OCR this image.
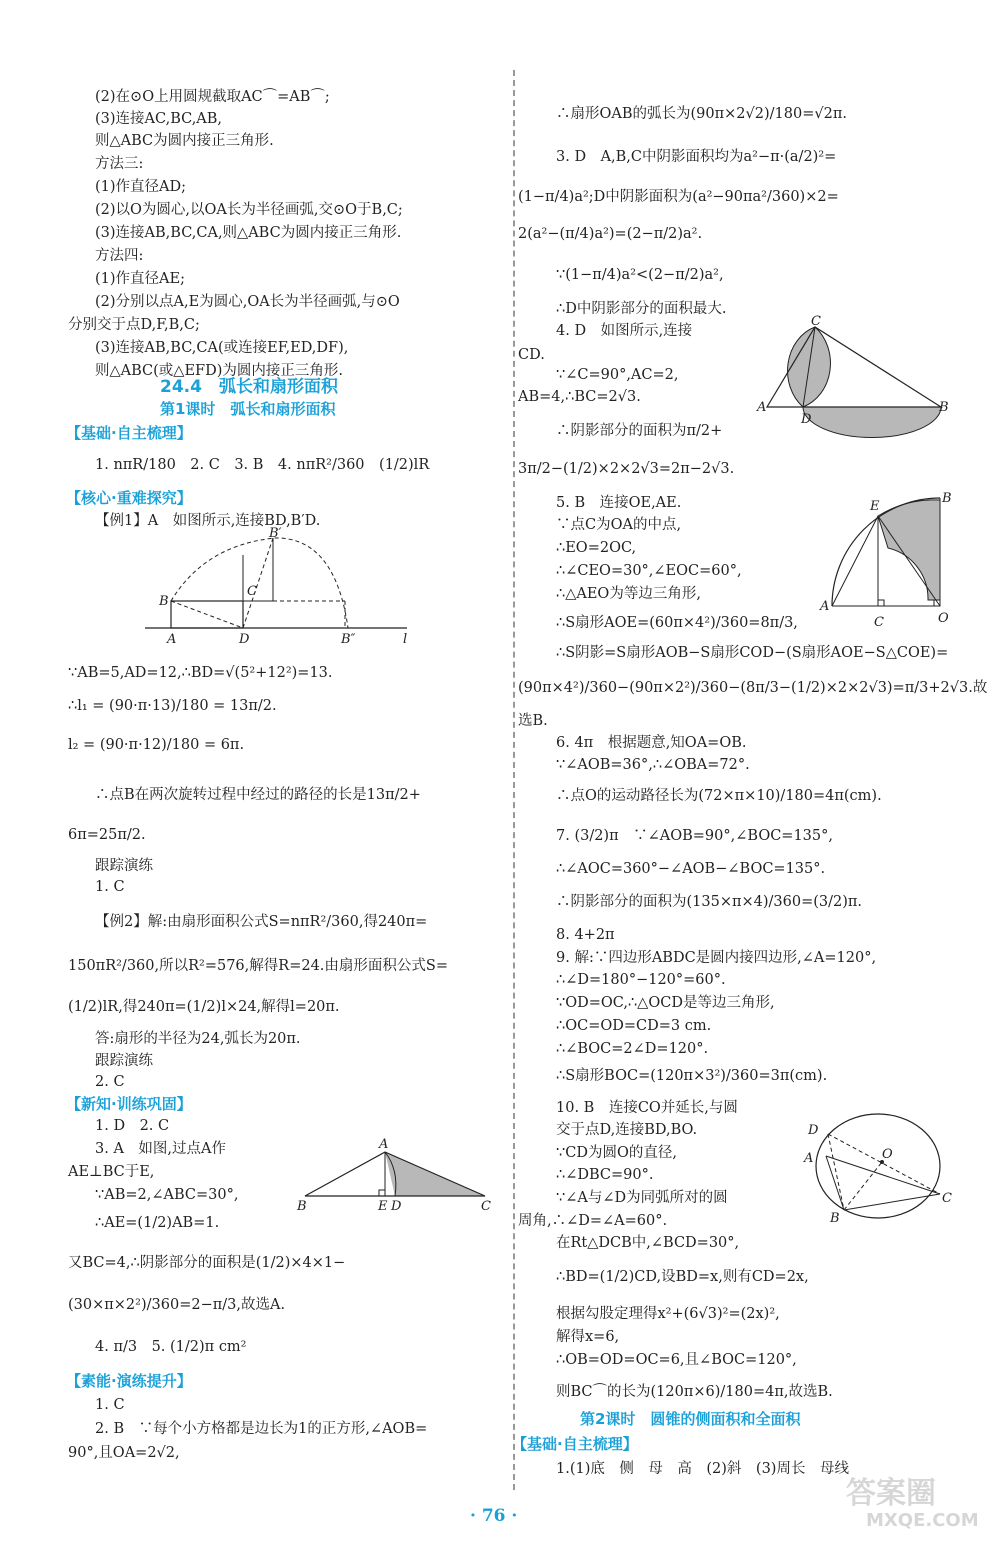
(2)在⊙O上用圆规截取AC⌒=AB⌒;
(3)连接AC,BC,AB,
则△ABC为圆内接正三角形.
方法三:
(1)作直径AD;
(2)以O为圆心,以OA长为半径画弧,交⊙O于B,C;
(3)连接AB,BC,CA,则△ABC为圆内接正三角形.
方法四:
(1)作直径AE;
(2)分别以点A,E为圆心,OA长为半径画弧,与⊙O
分别交于点D,F,B,C;
(3)连接AB,BC,CA(或连接EF,ED,DF),
则△ABC(或△EFD)为圆内接正三角形.
24.4　弧长和扇形面积
第1课时　弧长和扇形面积
【基础·自主梳理】
1. nπR/180　2. C　3. B　4. nπR²/360　(1/2)lR
【核心·重难探究】
【例1】A　如图所示,连接BD,B′D.
B
A	D
C
B′
B″	l
∵AB=5,AD=12,∴BD=√(5²+12²)=13.
∴l₁ = (90·π·13)/180 = 13π/2.
l₂ = (90·π·12)/180 = 6π.
∴点B在两次旋转过程中经过的路径的长是13π/2+
6π=25π/2.
跟踪演练
1. C
【例2】解:由扇形面积公式S=nπR²/360,得240π=
150πR²/360,所以R²=576,解得R=24.由扇形面积公式S=
(1/2)lR,得240π=(1/2)l×24,解得l=20π.
答:扇形的半径为24,弧长为20π.
跟踪演练
2. C
【新知·训练巩固】
1. D　2. C
3. A　如图,过点A作
AE⊥BC于E,
∵AB=2,∠ABC=30°,
∴AE=(1/2)AB=1.
A
B	E D	C
又BC=4,∴阴影部分的面积是(1/2)×4×1−
(30×π×2²)/360=2−π/3,故选A.
4. π/3　5. (1/2)π cm²
【素能·演练提升】
1. C
2. B　∵每个小方格都是边长为1的正方形,∠AOB=
90°,且OA=2√2,
∴扇形OAB的弧长为(90π×2√2)/180=√2π.
3. D　A,B,C中阴影面积均为a²−π·(a/2)²=
(1−π/4)a²;D中阴影面积为(a²−90πa²/360)×2=
2(a²−(π/4)a²)=(2−π/2)a².
∵(1−π/4)a²<(2−π/2)a²,
∴D中阴影部分的面积最大.
4. D　如图所示,连接
CD.
∵∠C=90°,AC=2,
AB=4,∴BC=2√3.
∴阴影部分的面积为π/2+
3π/2−(1/2)×2×2√3=2π−2√3.
C
A
D
B
5. B　连接OE,AE.
∵点C为OA的中点,
∴EO=2OC,
∴∠CEO=30°,∠EOC=60°,
∴△AEO为等边三角形,
∴S扇形AOE=(60π×4²)/360=8π/3,
E
B
A
C	O
∴S阴影=S扇形AOB−S扇形COD−(S扇形AOE−S△COE)=
(90π×4²)/360−(90π×2²)/360−(8π/3−(1/2)×2×2√3)=π/3+2√3.故
选B.
6. 4π　根据题意,知OA=OB.
∵∠AOB=36°,∴∠OBA=72°.
∴点O的运动路径长为(72×π×10)/180=4π(cm).
7. (3/2)π　∵∠AOB=90°,∠BOC=135°,
∴∠AOC=360°−∠AOB−∠BOC=135°.
∴阴影部分的面积为(135×π×4)/360=(3/2)π.
8. 4+2π
9. 解:∵四边形ABDC是圆内接四边形,∠A=120°,
∴∠D=180°−120°=60°.
∵OD=OC,∴△OCD是等边三角形,
∴OC=OD=CD=3 cm.
∴∠BOC=2∠D=120°.
∴S扇形BOC=(120π×3²)/360=3π(cm).
10. B　连接CO并延长,与圆
交于点D,连接BD,BO.
∵CD为圆O的直径,
∴∠DBC=90°.
∵∠A与∠D为同弧所对的圆
周角,∴∠D=∠A=60°.
在Rt△DCB中,∠BCD=30°,
D
A	O
B
C
∴BD=(1/2)CD,设BD=x,则有CD=2x,
根据勾股定理得x²+(6√3)²=(2x)²,
解得x=6,
∴OB=OD=OC=6,且∠BOC=120°,
则BC⌒的长为(120π×6)/180=4π,故选B.
第2课时　圆锥的侧面积和全面积
【基础·自主梳理】
1.(1)底　侧　母　高　(2)斜　(3)周长　母线
· 76 ·
答案圈
MXQE.COM
